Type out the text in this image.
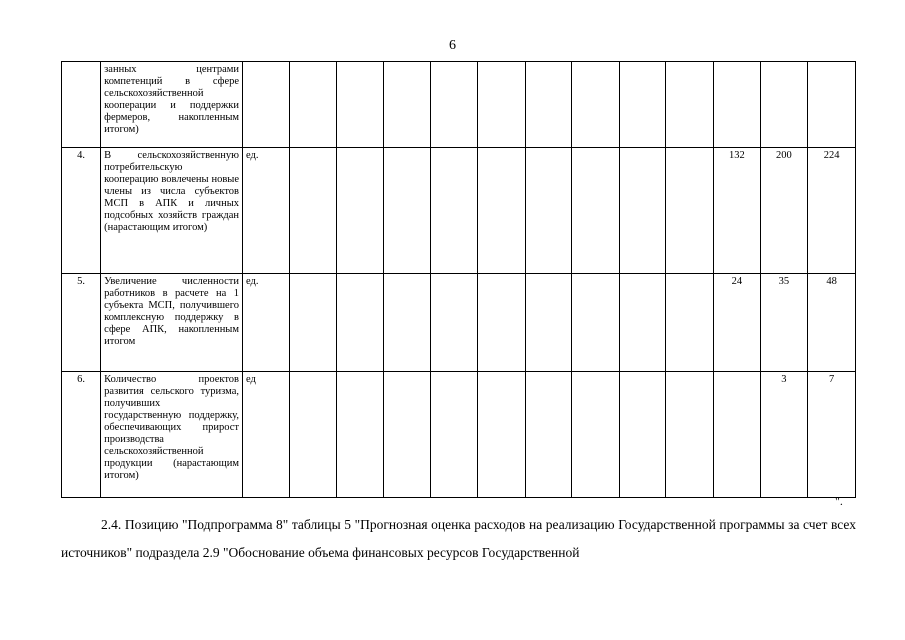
6
	занных центрами компетенций в сфере сельскохозяйственной кооперации и поддержки фермеров, накопленным итогом)													
4.	В сельскохозяйственную потребительскую кооперацию вовлечены новые члены из числа субъектов МСП в АПК и личных подсобных хозяйств граждан (нарастающим итогом)	ед.										132	200	224
5.	Увеличение численности работников в расчете на 1 субъекта МСП, получившего комплексную поддержку в сфере АПК, накопленным итогом	ед.										24	35	48
6.	Количество проектов развития сельского туризма, получивших государственную поддержку, обеспечивающих прирост производства сельскохозяйственной продукции (нарастающим итогом)	ед											3	7
".
2.4. Позицию "Подпрограмма 8" таблицы 5 "Прогнозная оценка расходов на реализацию Государственной программы за счет всех источников" подраздела 2.9 "Обоснование объема финансовых ресурсов Государственной
